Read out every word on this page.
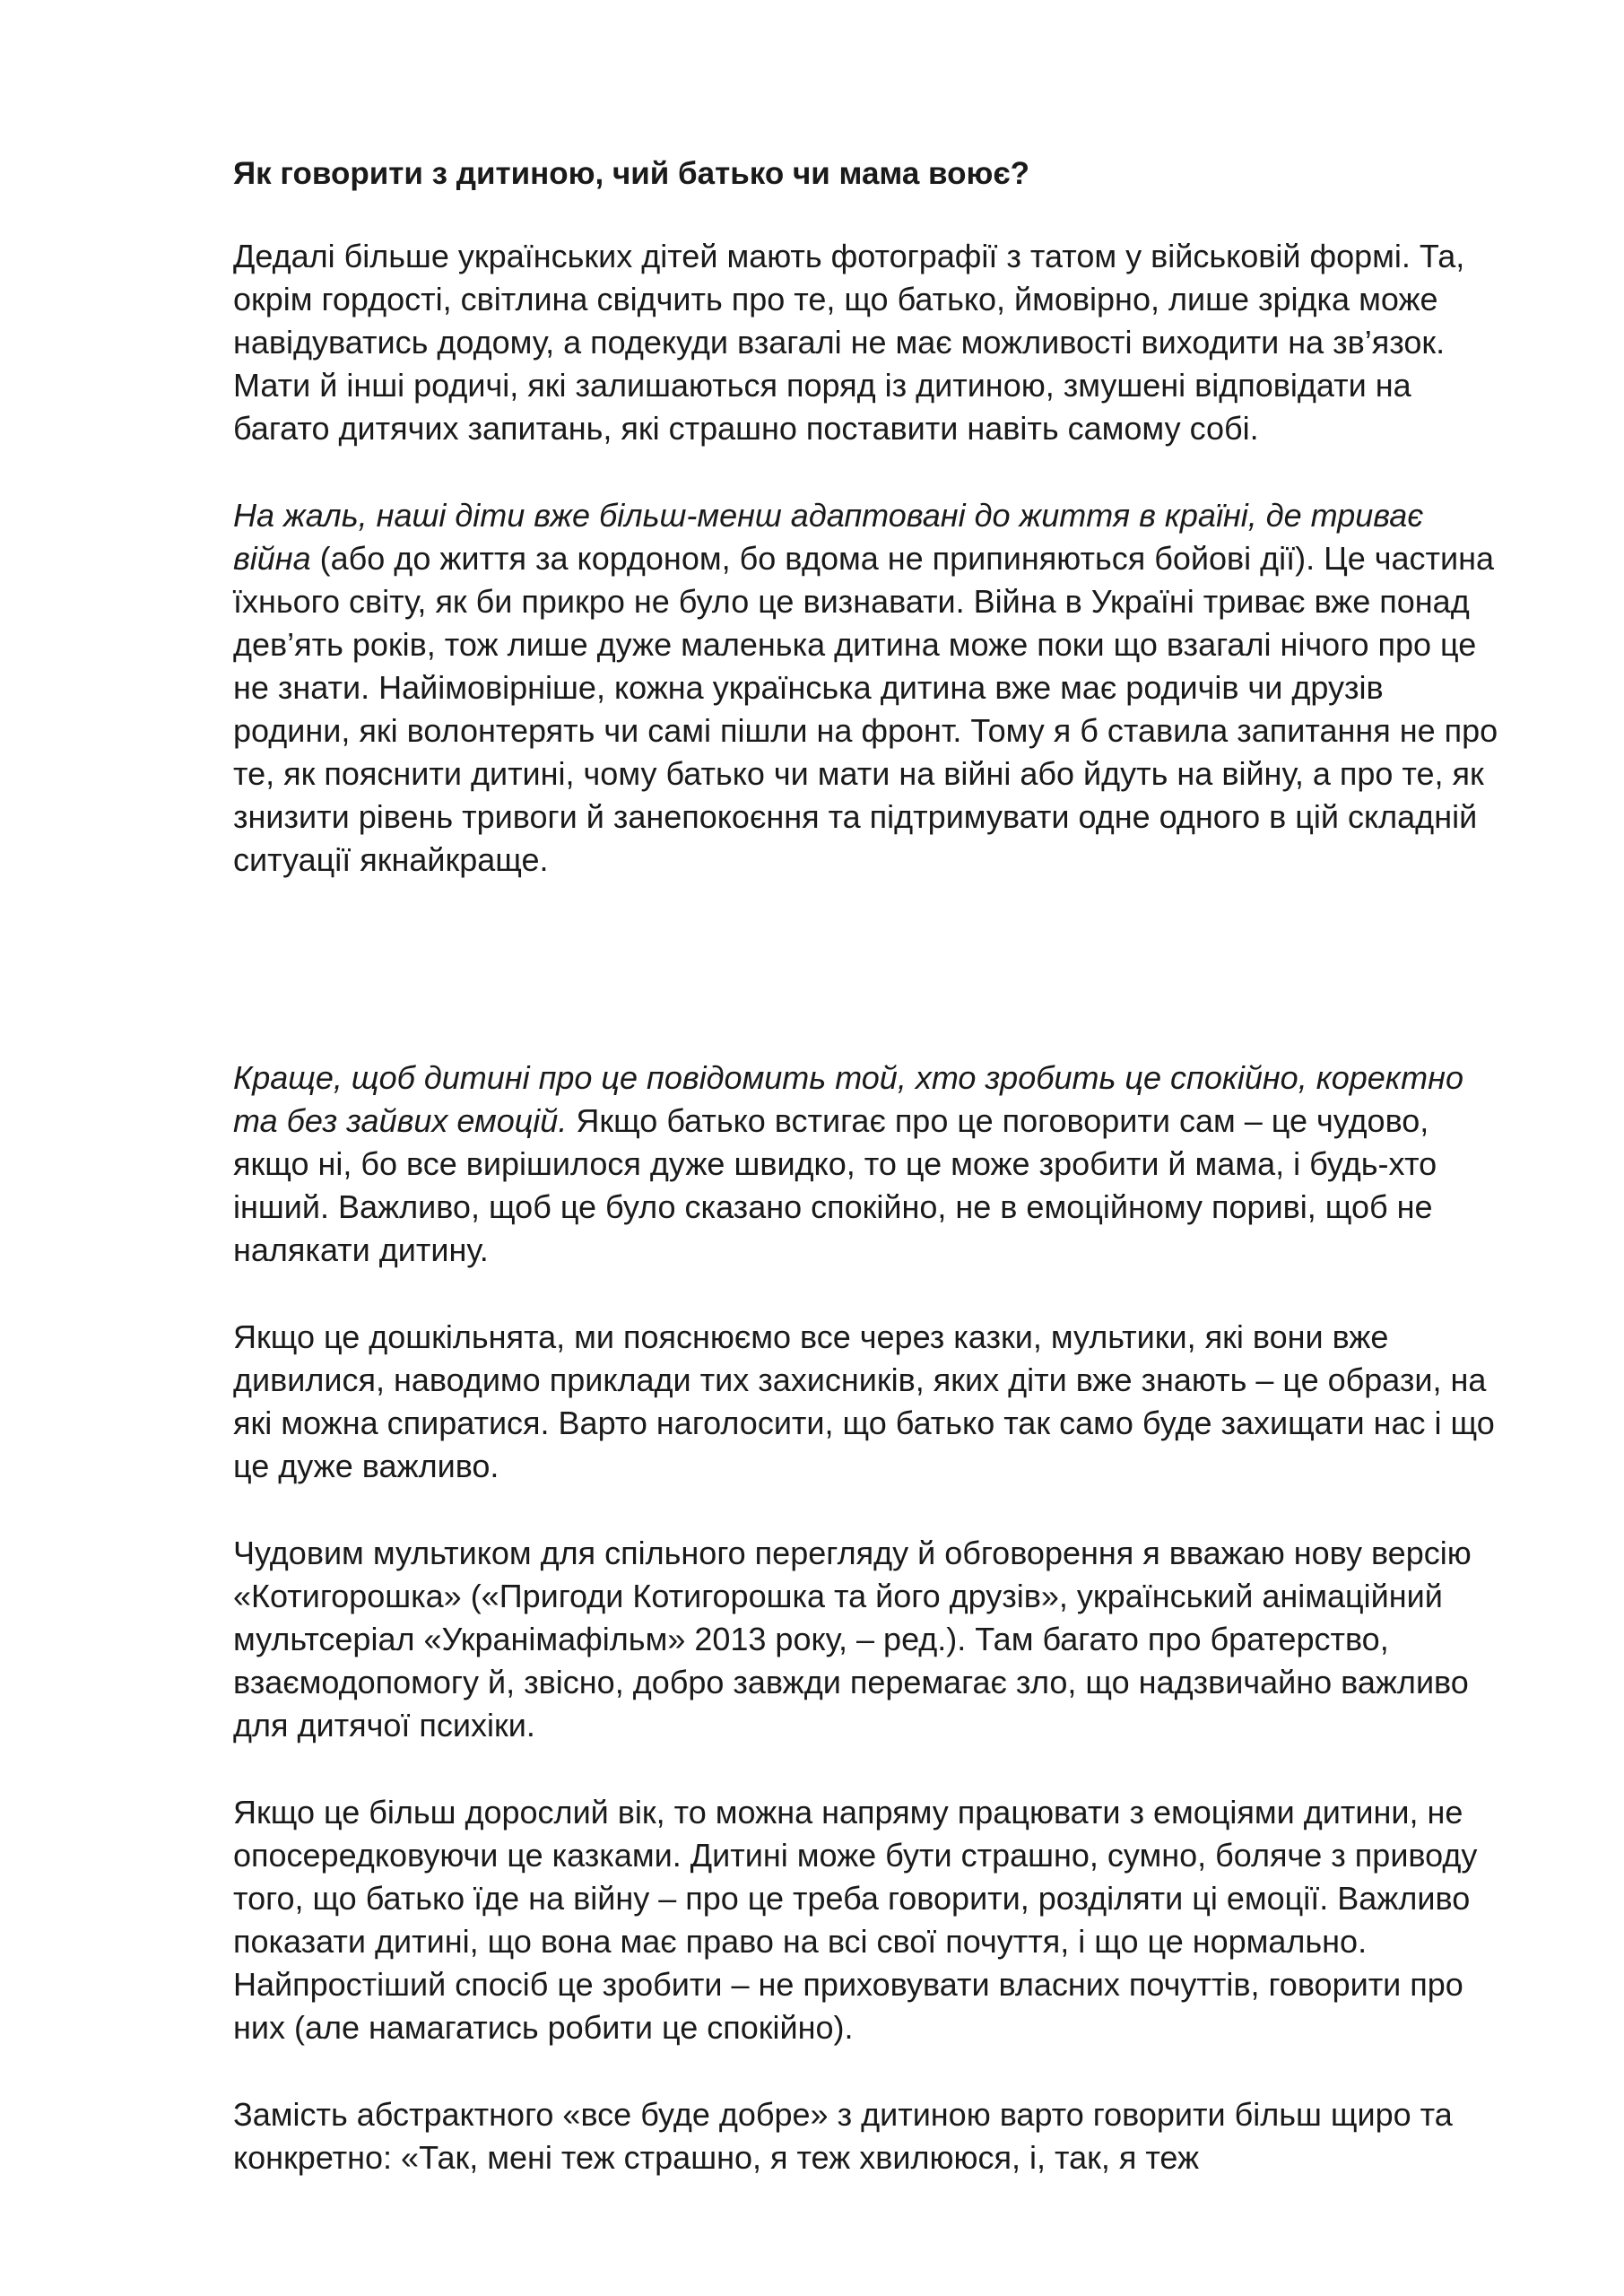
Як говорити з дитиною, чий батько чи мама воює?

Дедалі більше українських дітей мають фотографії з татом у військовій формі. Та, окрім гордості, світлина свідчить про те, що батько, ймовірно, лише зрідка може навідуватись додому, а подекуди взагалі не має можливості виходити на зв’язок. Мати й інші родичі, які залишаються поряд із дитиною, змушені відповідати на багато дитячих запитань, які страшно поставити навіть самому собі.

На жаль, наші діти вже більш-менш адаптовані до життя в країні, де триває війна (або до життя за кордоном, бо вдома не припиняються бойові дії). Це частина їхнього світу, як би прикро не було це визнавати. Війна в Україні триває вже понад дев’ять років, тож лише дуже маленька дитина може поки що взагалі нічого про це не знати. Найімовірніше, кожна українська дитина вже має родичів чи друзів родини, які волонтерять чи самі пішли на фронт. Тому я б ставила запитання не про те, як пояснити дитині, чому батько чи мати на війні або йдуть на війну, а про те, як знизити рівень тривоги й занепокоєння та підтримувати одне одного в цій складній ситуації якнайкраще.

Краще, щоб дитині про це повідомить той, хто зробить це спокійно, коректно та без зайвих емоцій. Якщо батько встигає про це поговорити сам – це чудово, якщо ні, бо все вирішилося дуже швидко, то це може зробити й мама, і будь-хто інший. Важливо, щоб це було сказано спокійно, не в емоційному пориві, щоб не налякати дитину.

Якщо це дошкільнята, ми пояснюємо все через казки, мультики, які вони вже дивилися, наводимо приклади тих захисників, яких діти вже знають – це образи, на які можна спиратися. Варто наголосити, що батько так само буде захищати нас і що це дуже важливо.

Чудовим мультиком для спільного перегляду й обговорення я вважаю нову версію «Котигорошка» («Пригоди Котигорошка та його друзів», український анімаційний мультсеріал «Укранімафільм» 2013 року, – ред.). Там багато про братерство, взаємодопомогу й, звісно, добро завжди перемагає зло, що надзвичайно важливо для дитячої психіки.

Якщо це більш дорослий вік, то можна напряму працювати з емоціями дитини, не опосередковуючи це казками. Дитині може бути страшно, сумно, боляче з приводу того, що батько їде на війну – про це треба говорити, розділяти ці емоції. Важливо показати дитині, що вона має право на всі свої почуття, і що це нормально. Найпростіший спосіб це зробити – не приховувати власних почуттів, говорити про них (але намагатись робити це спокійно).

Замість абстрактного «все буде добре» з дитиною варто говорити більш щиро та конкретно: «Так, мені теж страшно, я теж хвилююся, і, так, я теж
